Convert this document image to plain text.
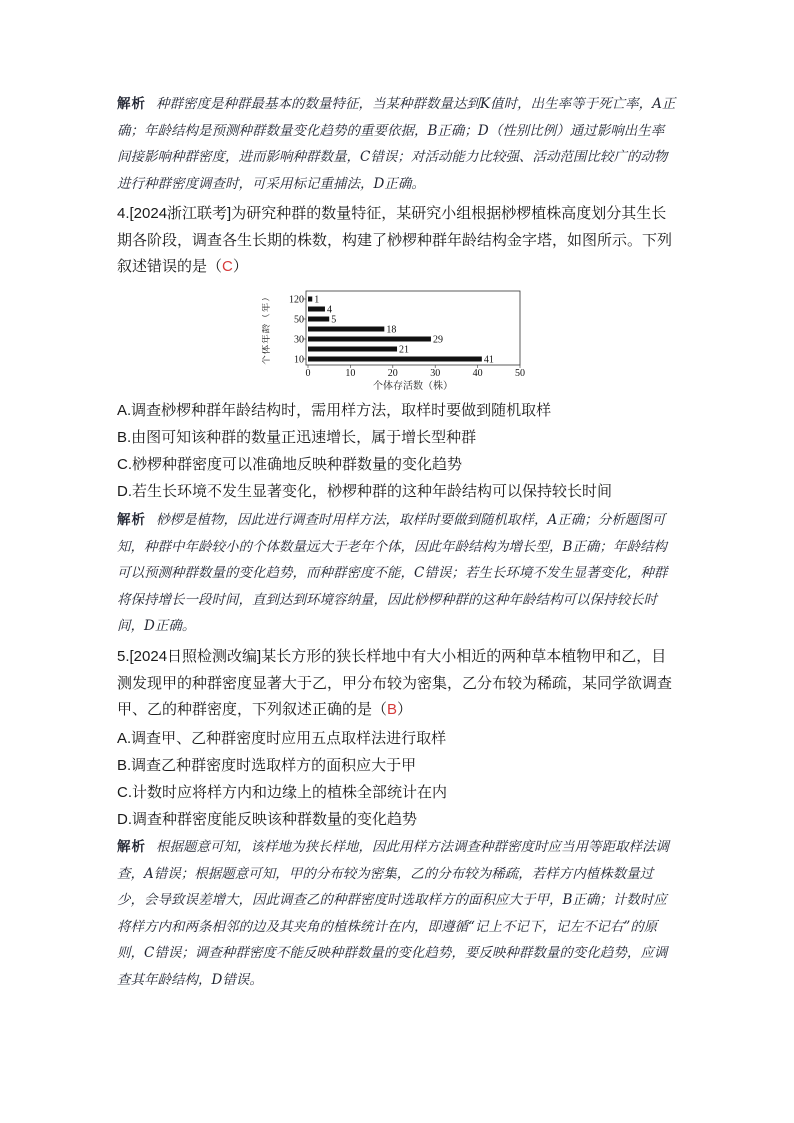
解析 种群密度是种群最基本的数量特征，当某种群数量达到K值时，出生率等于死亡率，A正确；年龄结构是预测种群数量变化趋势的重要依据，B正确；D（性别比例）通过影响出生率间接影响种群密度，进而影响种群数量，C错误；对活动能力比较强、活动范围比较广的动物进行种群密度调查时，可采用标记重捕法，D正确。
4.[2024浙江联考]为研究种群的数量特征，某研究小组根据桫椤植株高度划分其生长期各阶段，调查各生长期的株数，构建了桫椤种群年龄结构金字塔，如图所示。下列叙述错误的是（C）
41
21
29
18
5
4
1
0	10	20	30	40	50
10
30
50
120
个体年龄（年）
个体存活数（株）
A.调查桫椤种群年龄结构时，需用样方法，取样时要做到随机取样
B.由图可知该种群的数量正迅速增长，属于增长型种群
C.桫椤种群密度可以准确地反映种群数量的变化趋势
D.若生长环境不发生显著变化，桫椤种群的这种年龄结构可以保持较长时间
解析 桫椤是植物，因此进行调查时用样方法，取样时要做到随机取样，A正确；分析题图可知，种群中年龄较小的个体数量远大于老年个体，因此年龄结构为增长型，B正确；年龄结构可以预测种群数量的变化趋势，而种群密度不能，C错误；若生长环境不发生显著变化，种群将保持增长一段时间，直到达到环境容纳量，因此桫椤种群的这种年龄结构可以保持较长时间，D正确。
5.[2024日照检测改编]某长方形的狭长样地中有大小相近的两种草本植物甲和乙，目测发现甲的种群密度显著大于乙，甲分布较为密集，乙分布较为稀疏，某同学欲调查甲、乙的种群密度，下列叙述正确的是（B）
A.调查甲、乙种群密度时应用五点取样法进行取样
B.调查乙种群密度时选取样方的面积应大于甲
C.计数时应将样方内和边缘上的植株全部统计在内
D.调查种群密度能反映该种群数量的变化趋势
解析 根据题意可知，该样地为狭长样地，因此用样方法调查种群密度时应当用等距取样法调查，A错误；根据题意可知，甲的分布较为密集，乙的分布较为稀疏，若样方内植株数量过少，会导致误差增大，因此调查乙的种群密度时选取样方的面积应大于甲，B正确；计数时应将样方内和两条相邻的边及其夹角的植株统计在内，即遵循“记上不记下，记左不记右”的原则，C错误；调查种群密度不能反映种群数量的变化趋势，要反映种群数量的变化趋势，应调查其年龄结构，D错误。
